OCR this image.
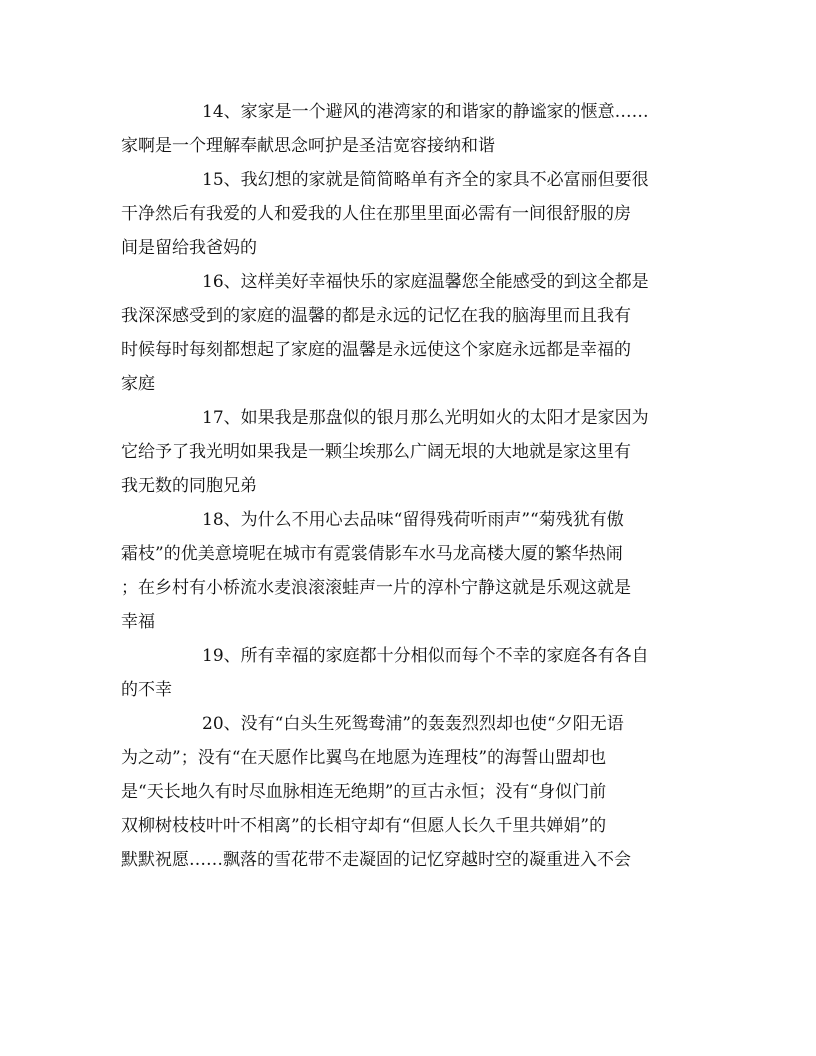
14、家家是一个避风的港湾家的和谐家的静谧家的惬意……
家啊是一个理解奉献思念呵护是圣洁宽容接纳和谐
15、我幻想的家就是简简略单有齐全的家具不必富丽但要很
干净然后有我爱的人和爱我的人住在那里里面必需有一间很舒服的房
间是留给我爸妈的
16、这样美好幸福快乐的家庭温馨您全能感受的到这全都是
我深深感受到的家庭的温馨的都是永远的记忆在我的脑海里而且我有
时候每时每刻都想起了家庭的温馨是永远使这个家庭永远都是幸福的
家庭
17、如果我是那盘似的银月那么光明如火的太阳才是家因为
它给予了我光明如果我是一颗尘埃那么广阔无垠的大地就是家这里有
我无数的同胞兄弟
18、为什么不用心去品味“留得残荷听雨声”“菊残犹有傲
霜枝”的优美意境呢在城市有霓裳倩影车水马龙高楼大厦的繁华热闹
；在乡村有小桥流水麦浪滚滚蛙声一片的淳朴宁静这就是乐观这就是
幸福
19、所有幸福的家庭都十分相似而每个不幸的家庭各有各自
的不幸
20、没有“白头生死鸳鸯浦”的轰轰烈烈却也使“夕阳无语
为之动”；没有“在天愿作比翼鸟在地愿为连理枝”的海誓山盟却也
是“天长地久有时尽血脉相连无绝期”的亘古永恒；没有“身似门前
双柳树枝枝叶叶不相离”的长相守却有“但愿人长久千里共婵娟”的
默默祝愿……飘落的雪花带不走凝固的记忆穿越时空的凝重进入不会
